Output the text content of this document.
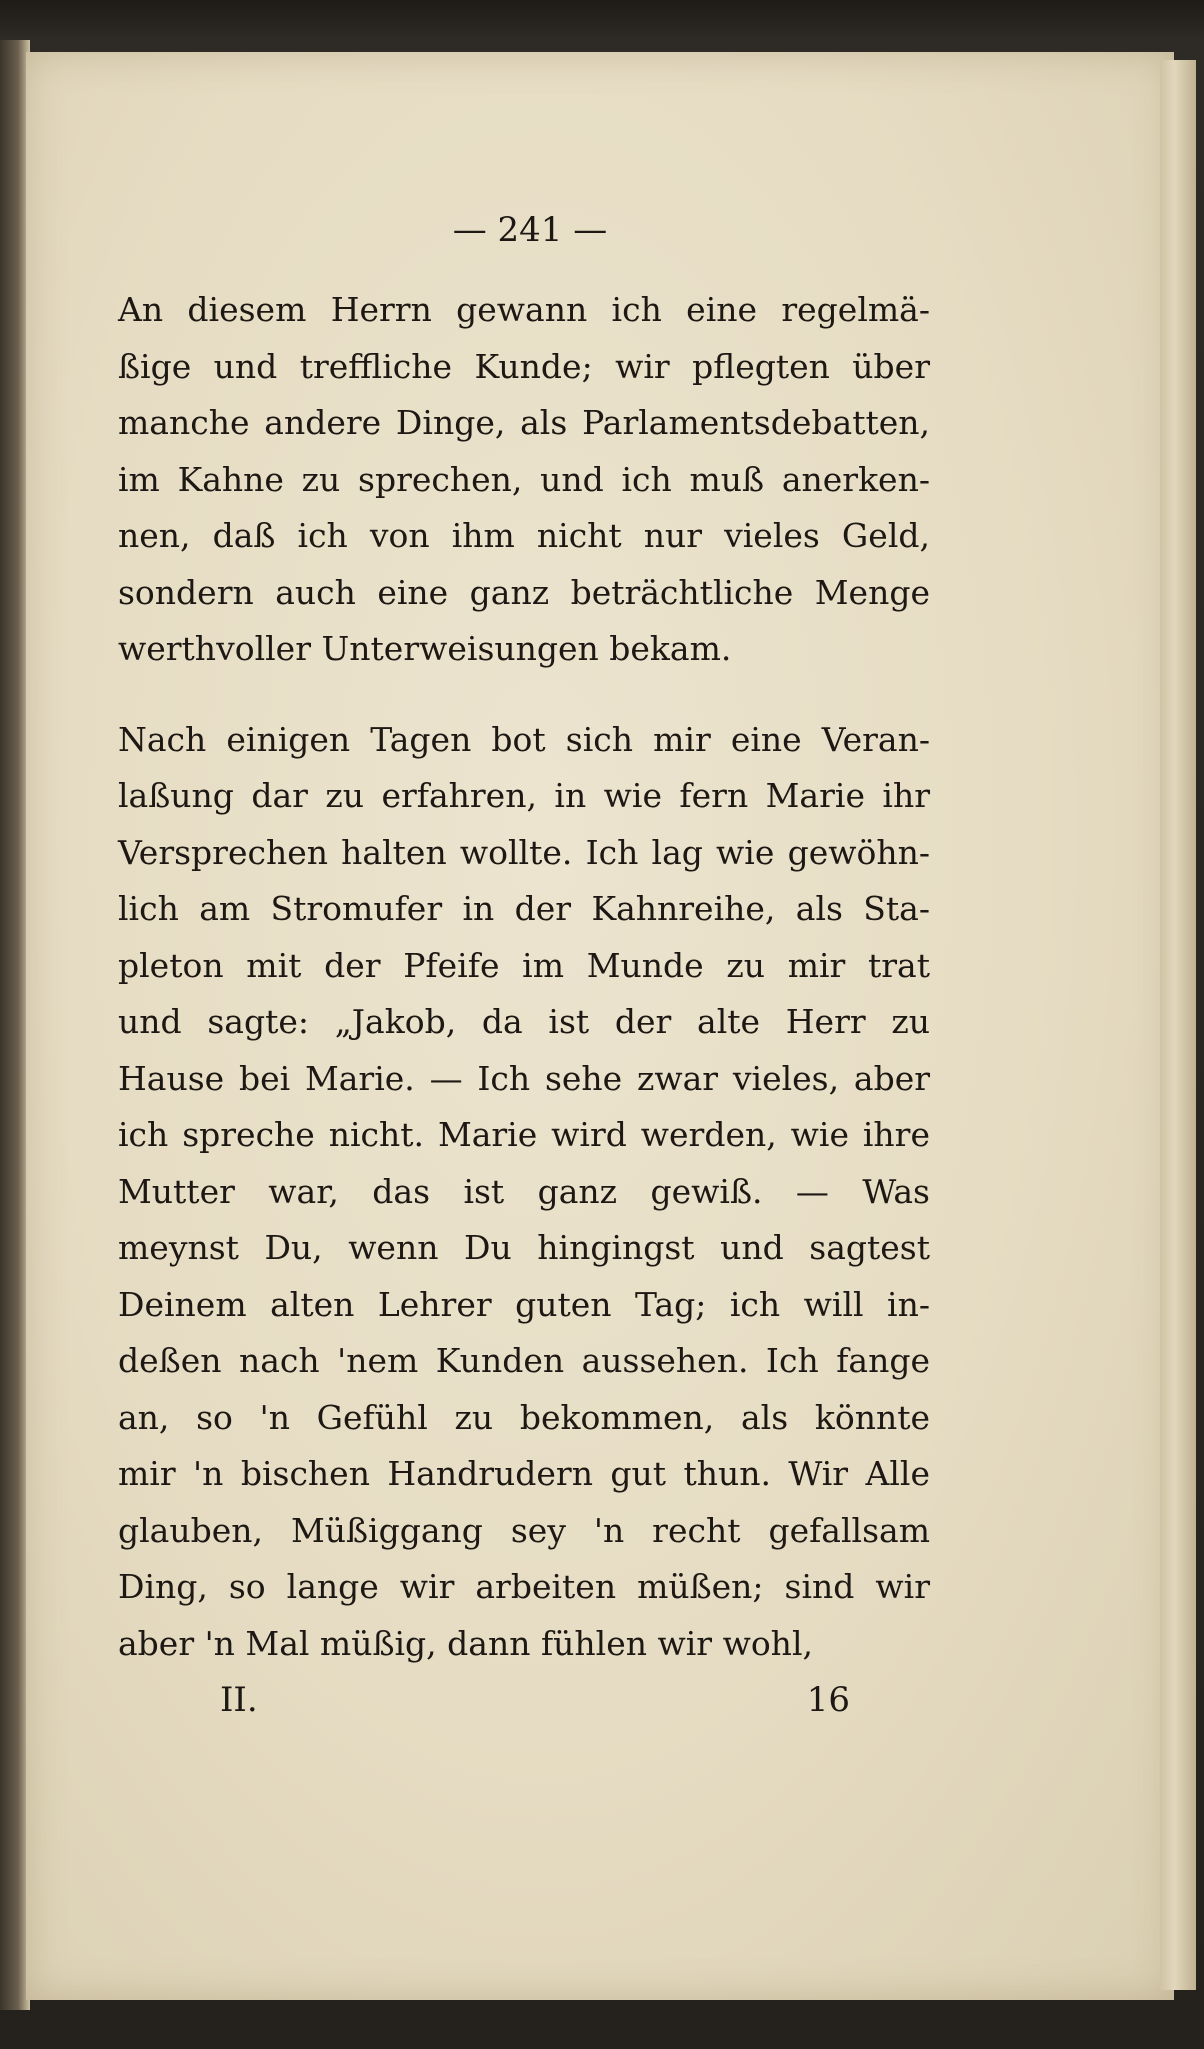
— 241 —
An diesem Herrn gewann ich eine regelmä-
ßige und treffliche Kunde; wir pflegten über
manche andere Dinge, als Parlamentsdebatten,
im Kahne zu sprechen, und ich muß anerken-
nen, daß ich von ihm nicht nur vieles Geld,
sondern auch eine ganz beträchtliche Menge
werthvoller Unterweisungen bekam.
Nach einigen Tagen bot sich mir eine Veran-
laßung dar zu erfahren, in wie fern Marie ihr
Versprechen halten wollte. Ich lag wie gewöhn-
lich am Stromufer in der Kahnreihe, als Sta-
pleton mit der Pfeife im Munde zu mir trat
und sagte: „Jakob, da ist der alte Herr zu
Hause bei Marie. — Ich sehe zwar vieles, aber
ich spreche nicht. Marie wird werden, wie ihre
Mutter war, das ist ganz gewiß. — Was
meynst Du, wenn Du hingingst und sagtest
Deinem alten Lehrer guten Tag; ich will in-
deßen nach 'nem Kunden aussehen. Ich fange
an, so 'n Gefühl zu bekommen, als könnte
mir 'n bischen Handrudern gut thun. Wir Alle
glauben, Müßiggang sey 'n recht gefallsam
Ding, so lange wir arbeiten müßen; sind wir
aber 'n Mal müßig, dann fühlen wir wohl,
II.	16
